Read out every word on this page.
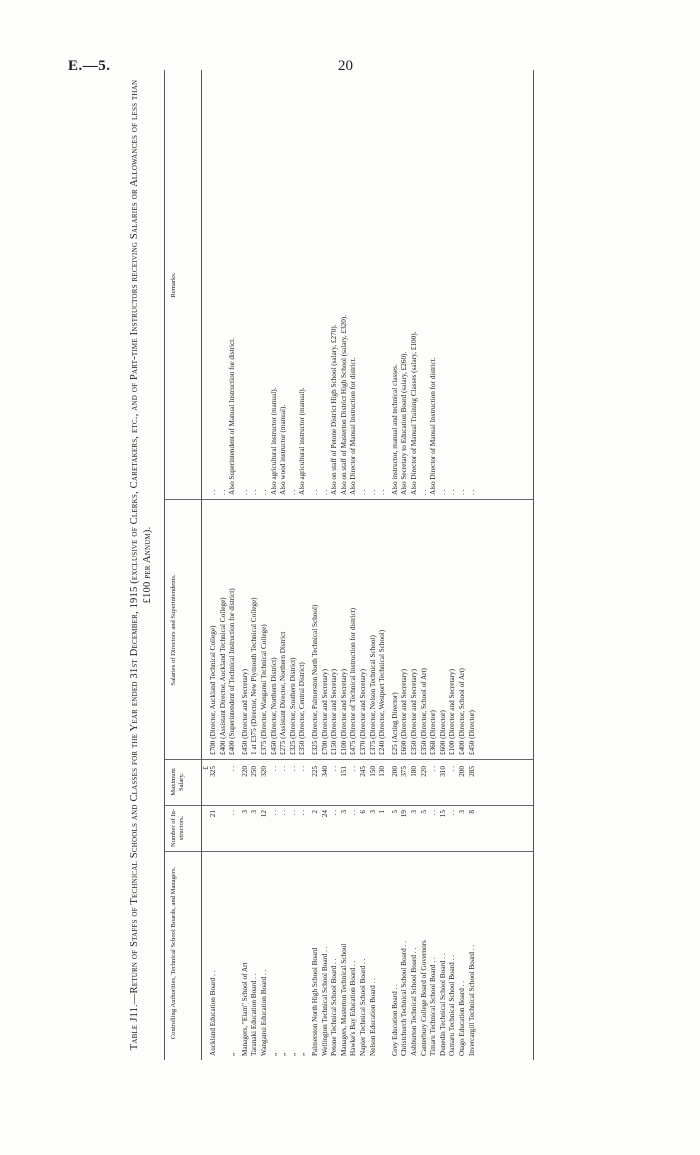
E.—5.	20
Table J11.—Return of Staffs of Technical Schools and Classes for the Year ended 31st December, 1915 (exclusive of Clerks, Caretakers, etc., and of Part-time Instructors receiving Salaries or Allowances of less than £100 per Annum).
Controlling Authorities, Technical School Boards, and Managers.
Number of In-structors.
Maximum Salary.
Salaries of Directors and Superintendents.
Remarks.
£
Auckland Education Board . .
21
325
£700 (Director, Auckland Technical College)
. .
£400 (Assistant Director, Auckland Technical College)
. .
„
. .
. .
£400 (Superintendent of Technical Instruction for district)
Also Superintendent of Manual Instruction for district.
Managers, "Elam" School of Art
3
220
£450 (Director and Secretary)
. .
Taranaki Education Board . .
3
250
1 at £375 (Director, New Plymouth Technical College)
. .
Wanganui Education Board . .
12
320
£375 (Director, Wanganui Technical College)
. .
„
. .
. .
£450 (Director, Northern District)
Also agricultural instructor (manual).
„
. .
. .
£275 (Assistant Director, Northern District
Also wood instructor (manual).
„
. .
. .
£325 (Director, Southern District)
. .
„
. .
. .
£350 (Director, Central District)
Also agricultural instructor (manual).
Palmerston North High School Board
2
225
£325 (Director, Palmerston North Technical School)
. .
Wellington Technical School Board . .
24
340
£700 (Director and Secretary)
. .
Petone Technical School Board . .
. .
. .
£150 (Director and Secretary)
Also on staff of Petone District High School (salary, £270).
Managers, Masterton Technical School
3
151
£100 (Director and Secretary)
Also on staff of Masterton District High School (salary, £320).
Hawke's Bay Education Board . .
. .
. .
£475 (Director of Technical Instruction for district)
Also Director of Manual Instruction for district.
Napier Technical School Board . .
6
245
£370 (Director and Secretary)
. .
Nelson Education Board . .
3
150
£375 (Director, Nelson Technical School)
. .
1
130
£240 (Director, Westport Technical School)
. .
Grey Education Board . .
5
200
£25 (Acting Director)
Also instructor, manual and technical classes.
Christchurch Technical School Board . .
19
375
£600 (Director and Secretary)
Also Secretary to Education Board (salary, £260).
Ashburton Technical School Board . .
3
180
£350 (Director and Secretary)
Also Director of Manual Training Classes (salary, £100).
Canterbury College Board of Governors
5
220
£350 (Director, School of Art)
. .
Timaru Technical School Board . .
. .
. .
£368 (Director)
Also Director of Manual Instruction for district.
Dunedin Technical School Board . .
15
310
£600 (Director)
. .
Oamaru Technical School Board . .
. .
. .
£100 (Director and Secretary)
. .
Otago Education Board . .
3
200
£400 (Director, School of Art)
. .
Invercargill Technical School Board . .
8
285
£450 (Director)
. .
